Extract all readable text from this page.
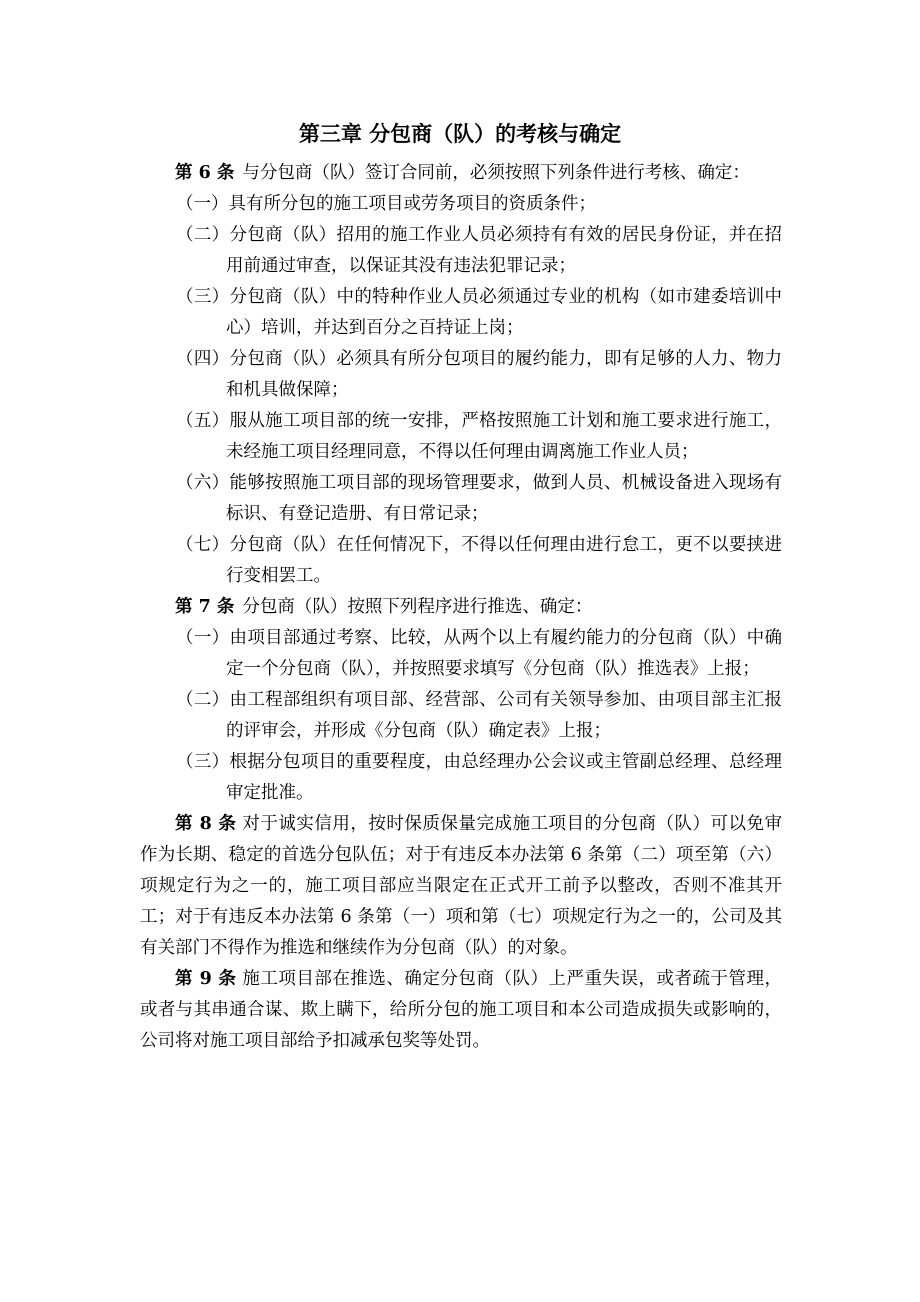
第三章 分包商（队）的考核与确定
第 6 条 与分包商（队）签订合同前，必须按照下列条件进行考核、确定：
（一）具有所分包的施工项目或劳务项目的资质条件；
（二）分包商（队）招用的施工作业人员必须持有有效的居民身份证，并在招用前通过审查，以保证其没有违法犯罪记录；
（三）分包商（队）中的特种作业人员必须通过专业的机构（如市建委培训中心）培训，并达到百分之百持证上岗；
（四）分包商（队）必须具有所分包项目的履约能力，即有足够的人力、物力和机具做保障；
（五）服从施工项目部的统一安排，严格按照施工计划和施工要求进行施工，未经施工项目经理同意，不得以任何理由调离施工作业人员；
（六）能够按照施工项目部的现场管理要求，做到人员、机械设备进入现场有标识、有登记造册、有日常记录；
（七）分包商（队）在任何情况下，不得以任何理由进行怠工，更不以要挟进行变相罢工。
第 7 条 分包商（队）按照下列程序进行推选、确定：
（一）由项目部通过考察、比较，从两个以上有履约能力的分包商（队）中确定一个分包商（队），并按照要求填写《分包商（队）推选表》上报；
（二）由工程部组织有项目部、经营部、公司有关领导参加、由项目部主汇报的评审会，并形成《分包商（队）确定表》上报；
（三）根据分包项目的重要程度，由总经理办公会议或主管副总经理、总经理审定批准。
第 8 条 对于诚实信用，按时保质保量完成施工项目的分包商（队）可以免审作为长期、稳定的首选分包队伍；对于有违反本办法第 6 条第（二）项至第（六）项规定行为之一的，施工项目部应当限定在正式开工前予以整改，否则不准其开工；对于有违反本办法第 6 条第（一）项和第（七）项规定行为之一的，公司及其有关部门不得作为推选和继续作为分包商（队）的对象。
第 9 条 施工项目部在推选、确定分包商（队）上严重失误，或者疏于管理，或者与其串通合谋、欺上瞒下，给所分包的施工项目和本公司造成损失或影响的，公司将对施工项目部给予扣减承包奖等处罚。
